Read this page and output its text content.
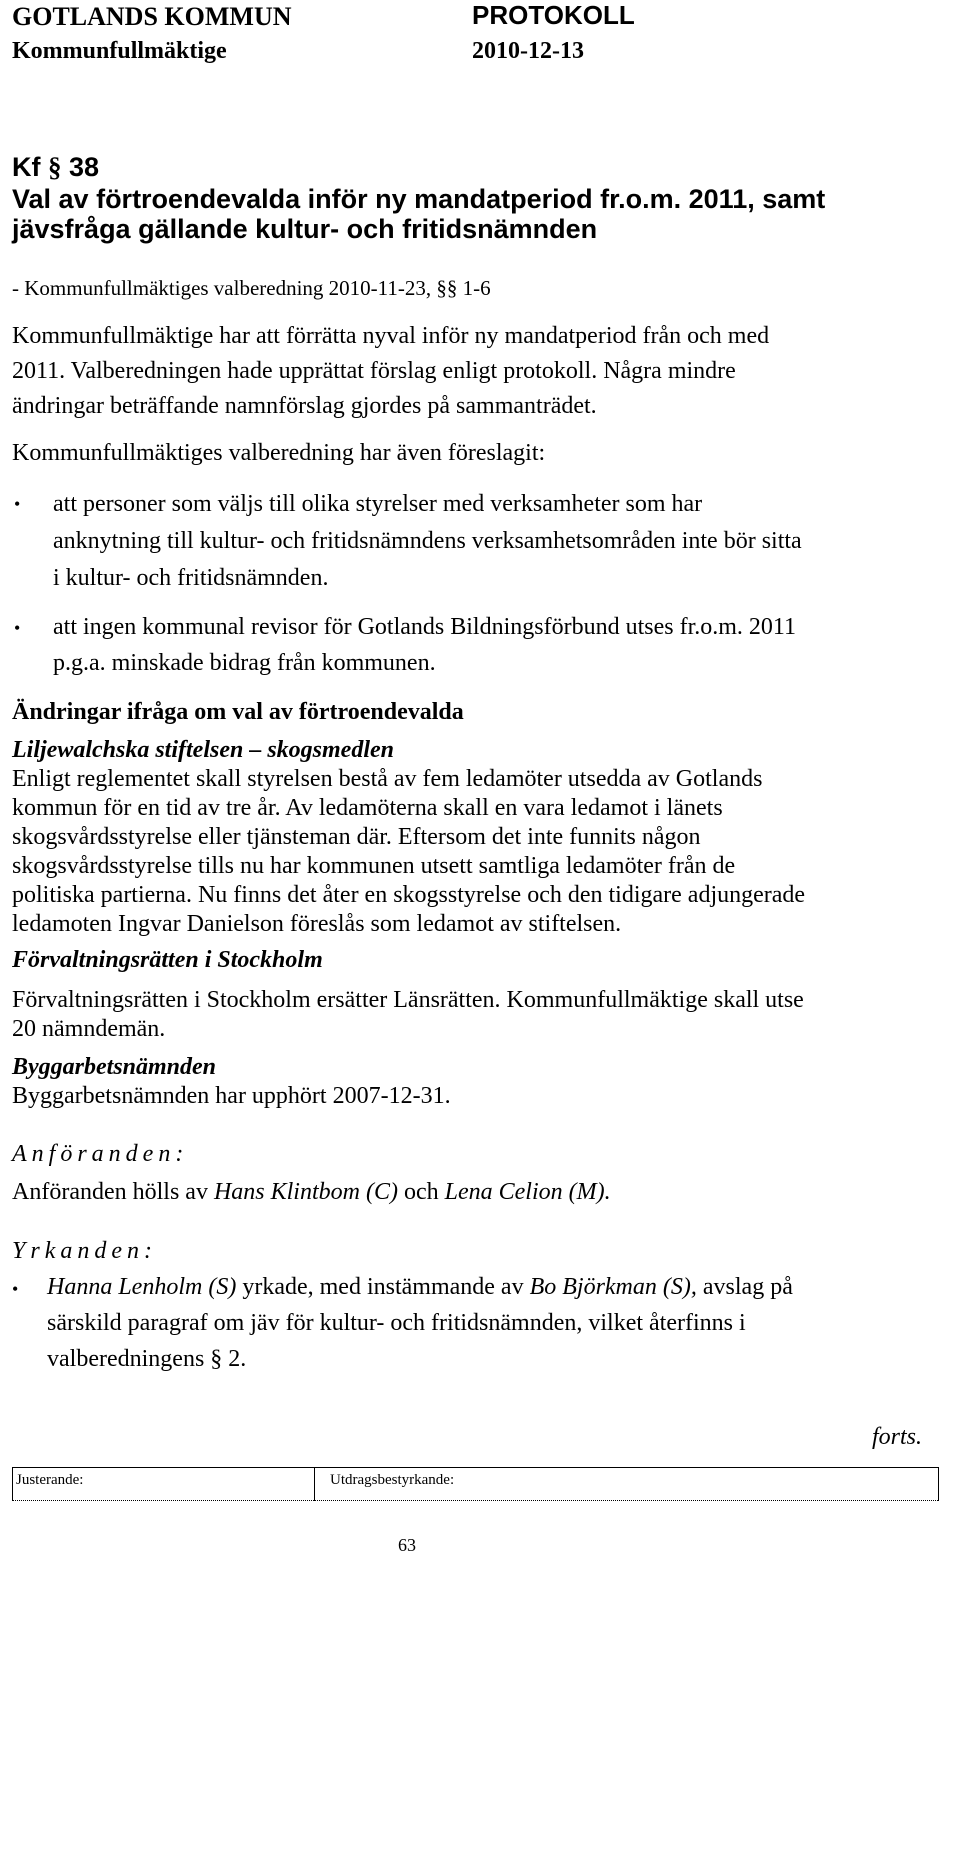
GOTLANDS KOMMUN	PROTOKOLL
Kommunfullmäktige	2010-12-13
Kf § 38
Val av förtroendevalda inför ny mandatperiod fr.o.m. 2011, samt
jävsfråga gällande kultur- och fritidsnämnden
- Kommunfullmäktiges valberedning 2010-11-23, §§ 1-6
Kommunfullmäktige har att förrätta nyval inför ny mandatperiod från och med
2011. Valberedningen hade upprättat förslag enligt protokoll. Några mindre
ändringar beträffande namnförslag gjordes på sammanträdet.
Kommunfullmäktiges valberedning har även föreslagit:
• att personer som väljs till olika styrelser med verksamheter som har
anknytning till kultur- och fritidsnämndens verksamhetsområden inte bör sitta
i kultur- och fritidsnämnden.
• att ingen kommunal revisor för Gotlands Bildningsförbund utses fr.o.m. 2011
p.g.a. minskade bidrag från kommunen.
Ändringar ifråga om val av förtroendevalda
Liljewalchska stiftelsen – skogsmedlen
Enligt reglementet skall styrelsen bestå av fem ledamöter utsedda av Gotlands
kommun för en tid av tre år. Av ledamöterna skall en vara ledamot i länets
skogsvårdsstyrelse eller tjänsteman där. Eftersom det inte funnits någon
skogsvårdsstyrelse tills nu har kommunen utsett samtliga ledamöter från de
politiska partierna. Nu finns det åter en skogsstyrelse och den tidigare adjungerade
ledamoten Ingvar Danielson föreslås som ledamot av stiftelsen.
Förvaltningsrätten i Stockholm
Förvaltningsrätten i Stockholm ersätter Länsrätten. Kommunfullmäktige skall utse
20 nämndemän.
Byggarbetsnämnden
Byggarbetsnämnden har upphört 2007-12-31.
Anföranden:
Anföranden hölls av Hans Klintbom (C) och Lena Celion (M).
Yrkanden:
• Hanna Lenholm (S) yrkade, med instämmande av Bo Björkman (S), avslag på
särskild paragraf om jäv för kultur- och fritidsnämnden, vilket återfinns i
valberedningens § 2.
forts.
Justerande:	Utdragsbestyrkande:
63
